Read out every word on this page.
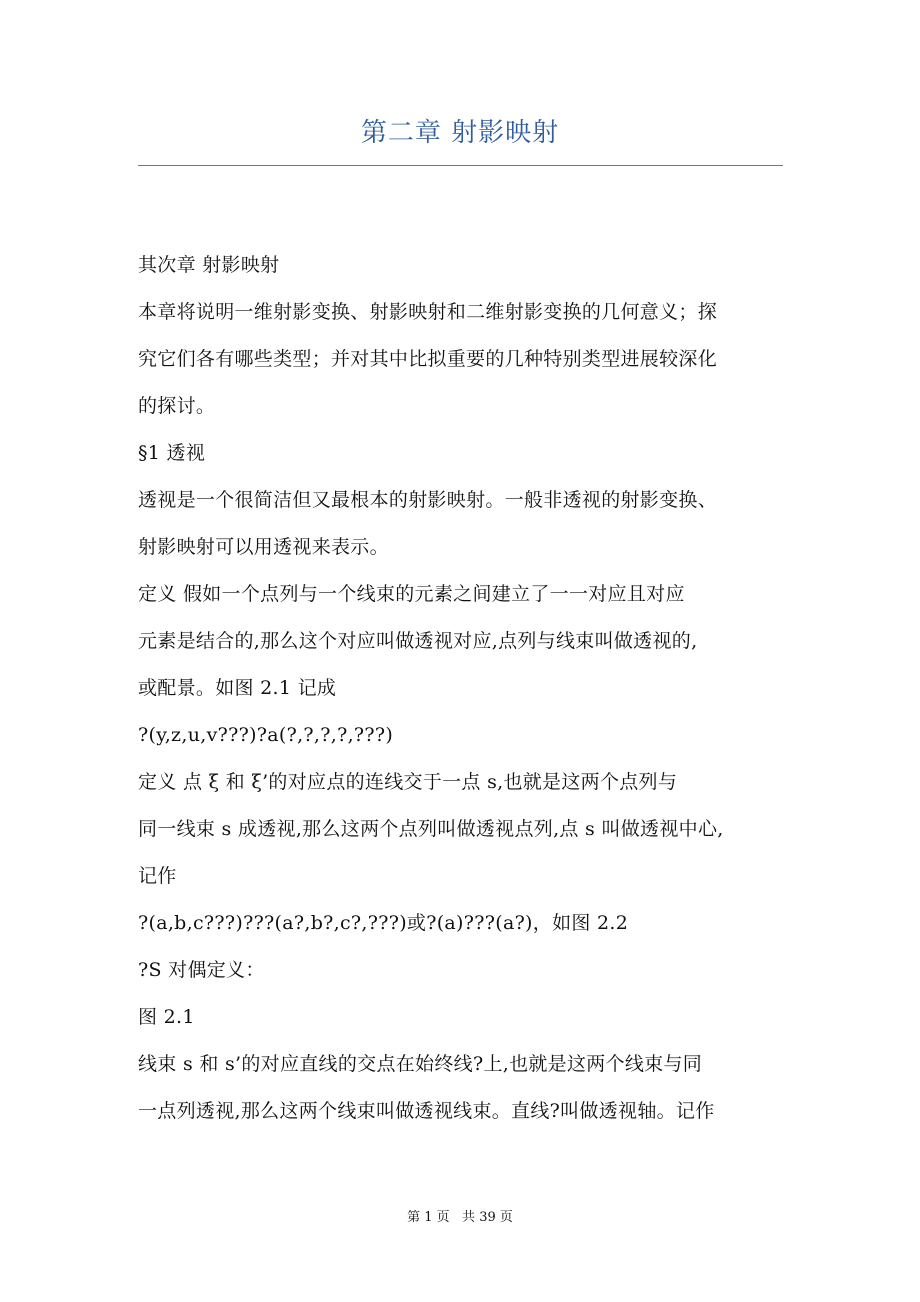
第二章 射影映射
其次章 射影映射
本章将说明一维射影变换、射影映射和二维射影变换的几何意义；探
究它们各有哪些类型；并对其中比拟重要的几种特别类型进展较深化
的探讨。
§1 透视
透视是一个很简洁但又最根本的射影映射。一般非透视的射影变换、
射影映射可以用透视来表示。
定义 假如一个点列与一个线束的元素之间建立了一一对应且对应
元素是结合的,那么这个对应叫做透视对应,点列与线束叫做透视的,
或配景。如图 2.1 记成
?(y,z,u,v???)?a(?,?,?,?,???)
定义 点 ξ 和 ξ’的对应点的连线交于一点 s,也就是这两个点列与
同一线束 s 成透视,那么这两个点列叫做透视点列,点 s 叫做透视中心,
记作
?(a,b,c???)???(a?,b?,c?,???)或?(a)???(a?)，如图 2.2
?S 对偶定义：
图 2.1
线束 s 和 s’的对应直线的交点在始终线?上,也就是这两个线束与同
一点列透视,那么这两个线束叫做透视线束。直线?叫做透视轴。记作
第 1 页   共 39 页
